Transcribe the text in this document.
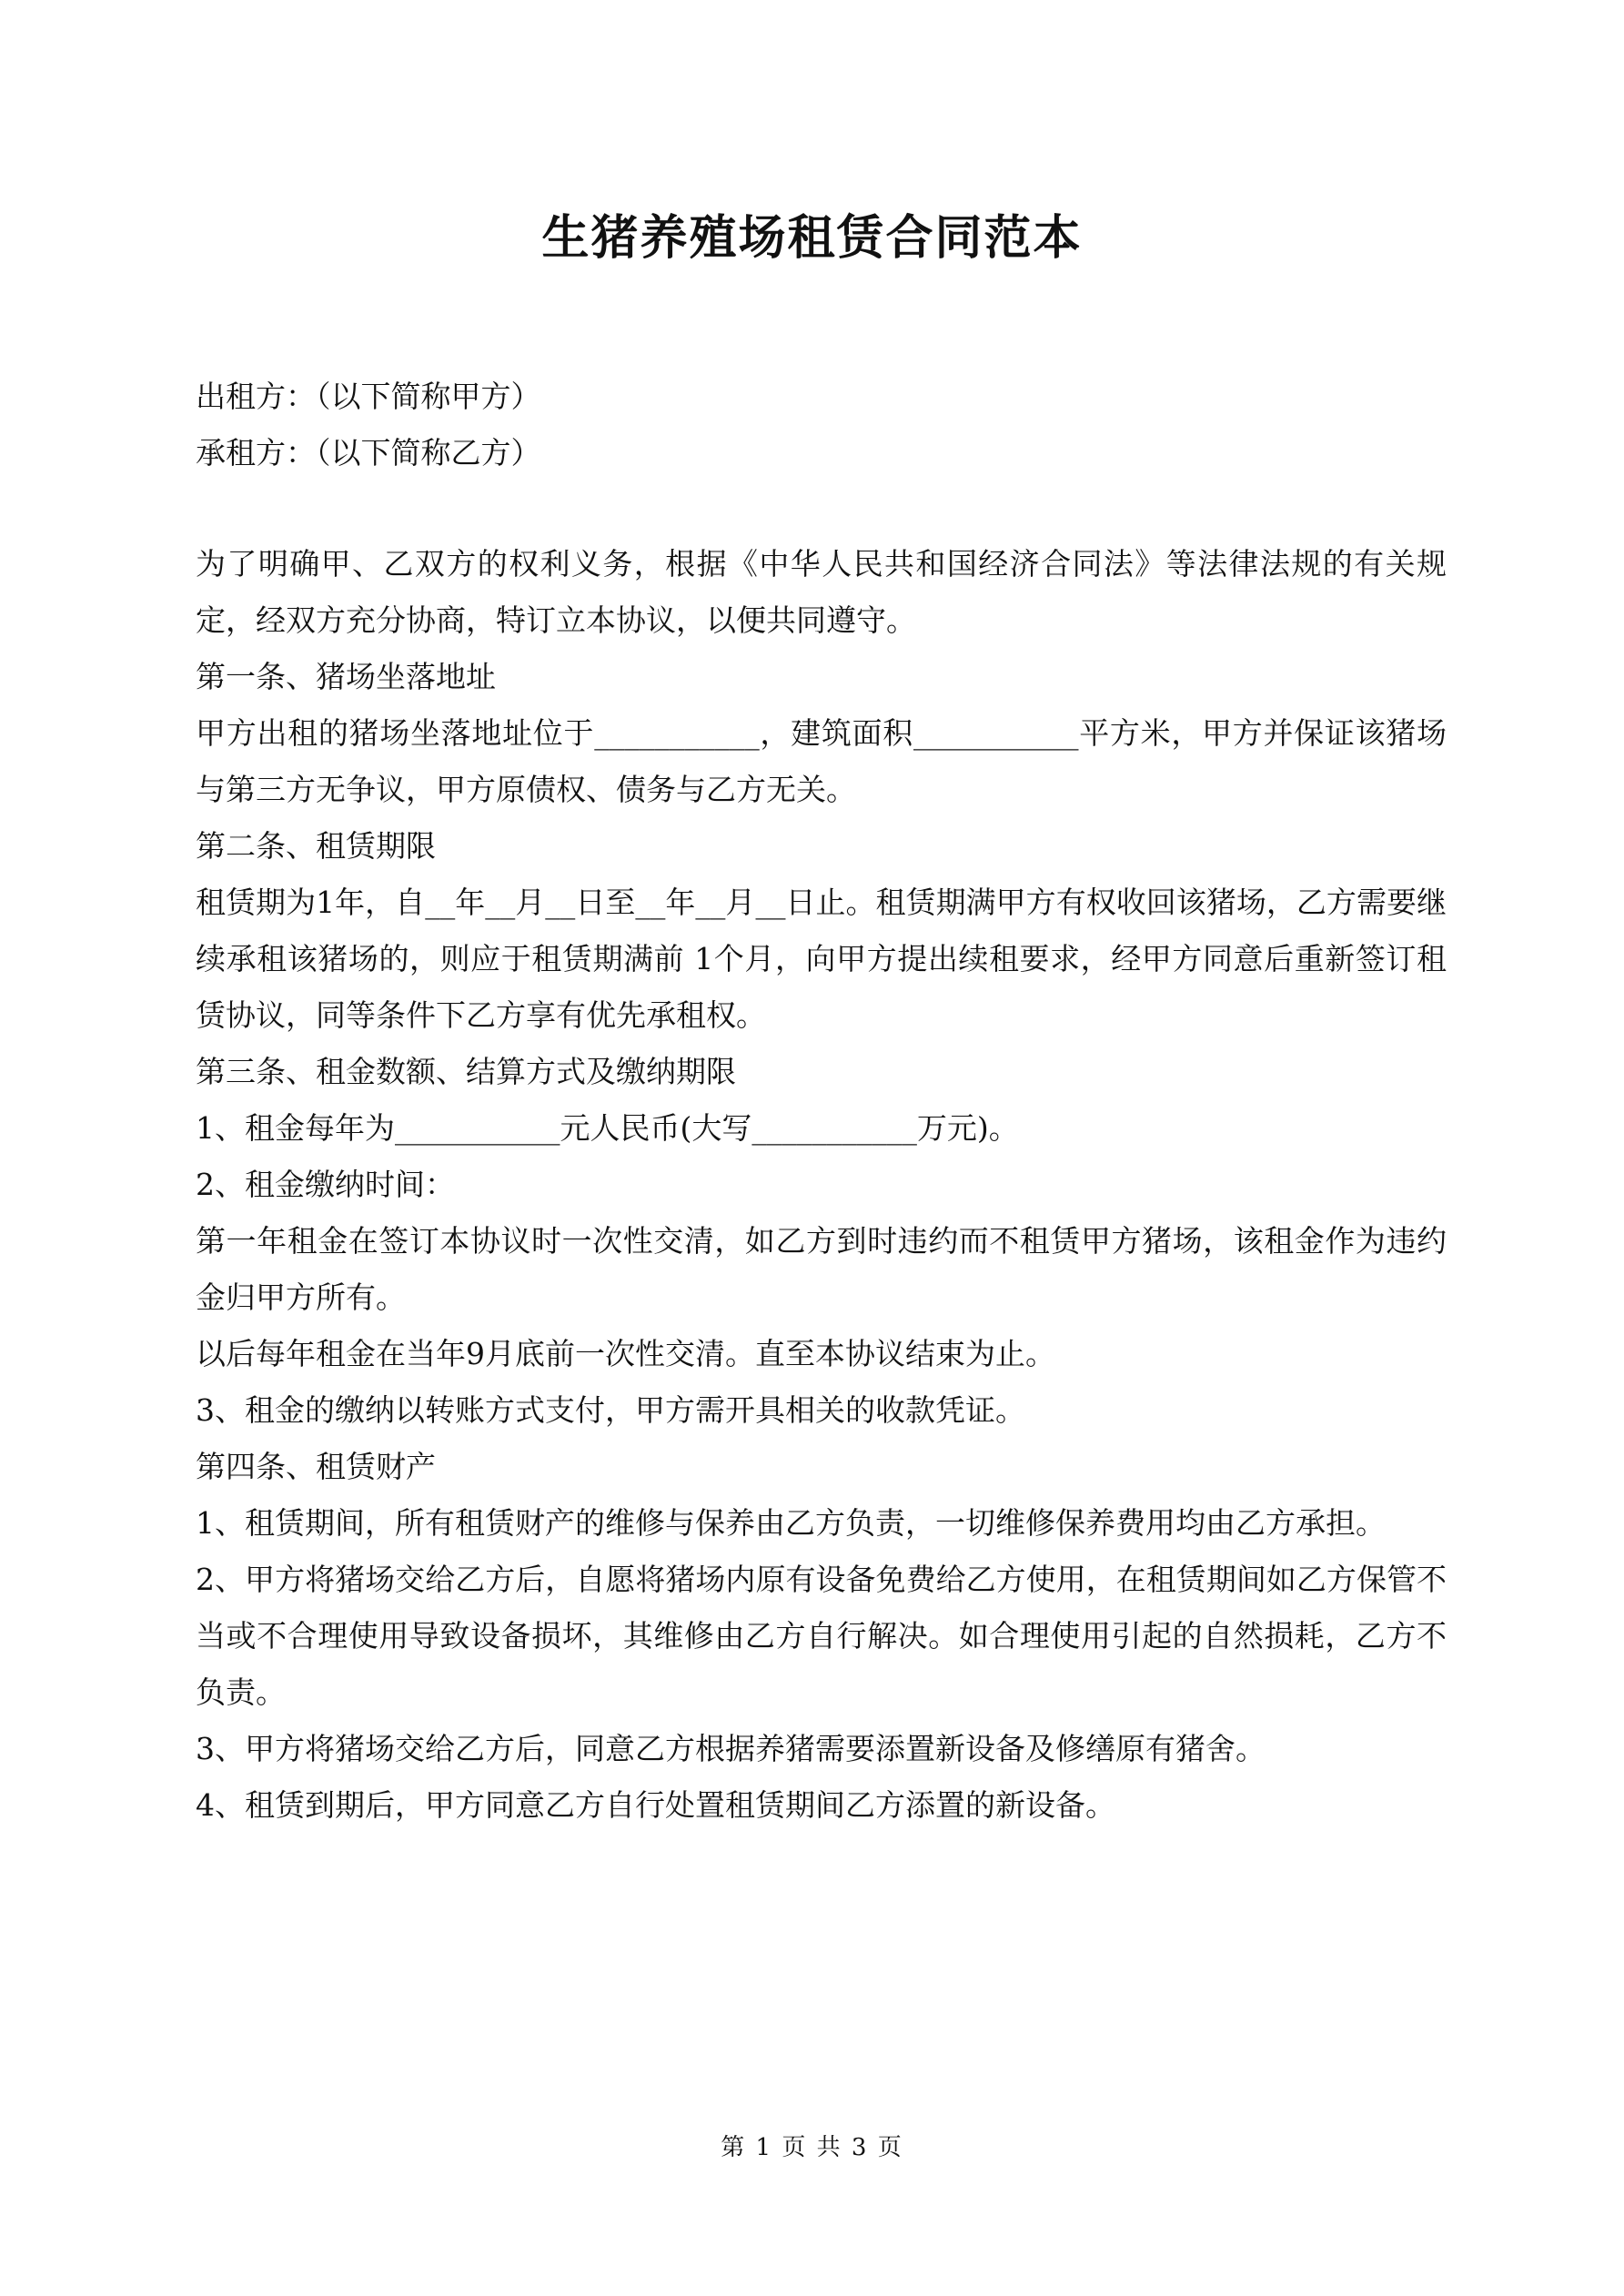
生猪养殖场租赁合同范本

出租方：（以下简称甲方）

承租方：（以下简称乙方）

为了明确甲、乙双方的权利义务，根据《中华人民共和国经济合同法》等法律法规的有关规定，经双方充分协商，特订立本协议，以便共同遵守。

第一条、猪场坐落地址

甲方出租的猪场坐落地址位于___________，建筑面积___________平方米，甲方并保证该猪场与第三方无争议，甲方原债权、债务与乙方无关。

第二条、租赁期限

租赁期为1年，自__年__月__日至__年__月__日止。租赁期满甲方有权收回该猪场，乙方需要继续承租该猪场的，则应于租赁期满前 1个月，向甲方提出续租要求，经甲方同意后重新签订租赁协议，同等条件下乙方享有优先承租权。

第三条、租金数额、结算方式及缴纳期限

1、租金每年为___________元人民币(大写___________万元)。

2、租金缴纳时间：

第一年租金在签订本协议时一次性交清，如乙方到时违约而不租赁甲方猪场，该租金作为违约金归甲方所有。

以后每年租金在当年9月底前一次性交清。直至本协议结束为止。

3、租金的缴纳以转账方式支付，甲方需开具相关的收款凭证。

第四条、租赁财产

1、租赁期间，所有租赁财产的维修与保养由乙方负责，一切维修保养费用均由乙方承担。

2、甲方将猪场交给乙方后，自愿将猪场内原有设备免费给乙方使用，在租赁期间如乙方保管不当或不合理使用导致设备损坏，其维修由乙方自行解决。如合理使用引起的自然损耗，乙方不负责。

3、甲方将猪场交给乙方后，同意乙方根据养猪需要添置新设备及修缮原有猪舍。

4、租赁到期后，甲方同意乙方自行处置租赁期间乙方添置的新设备。

第 1 页 共 3 页
